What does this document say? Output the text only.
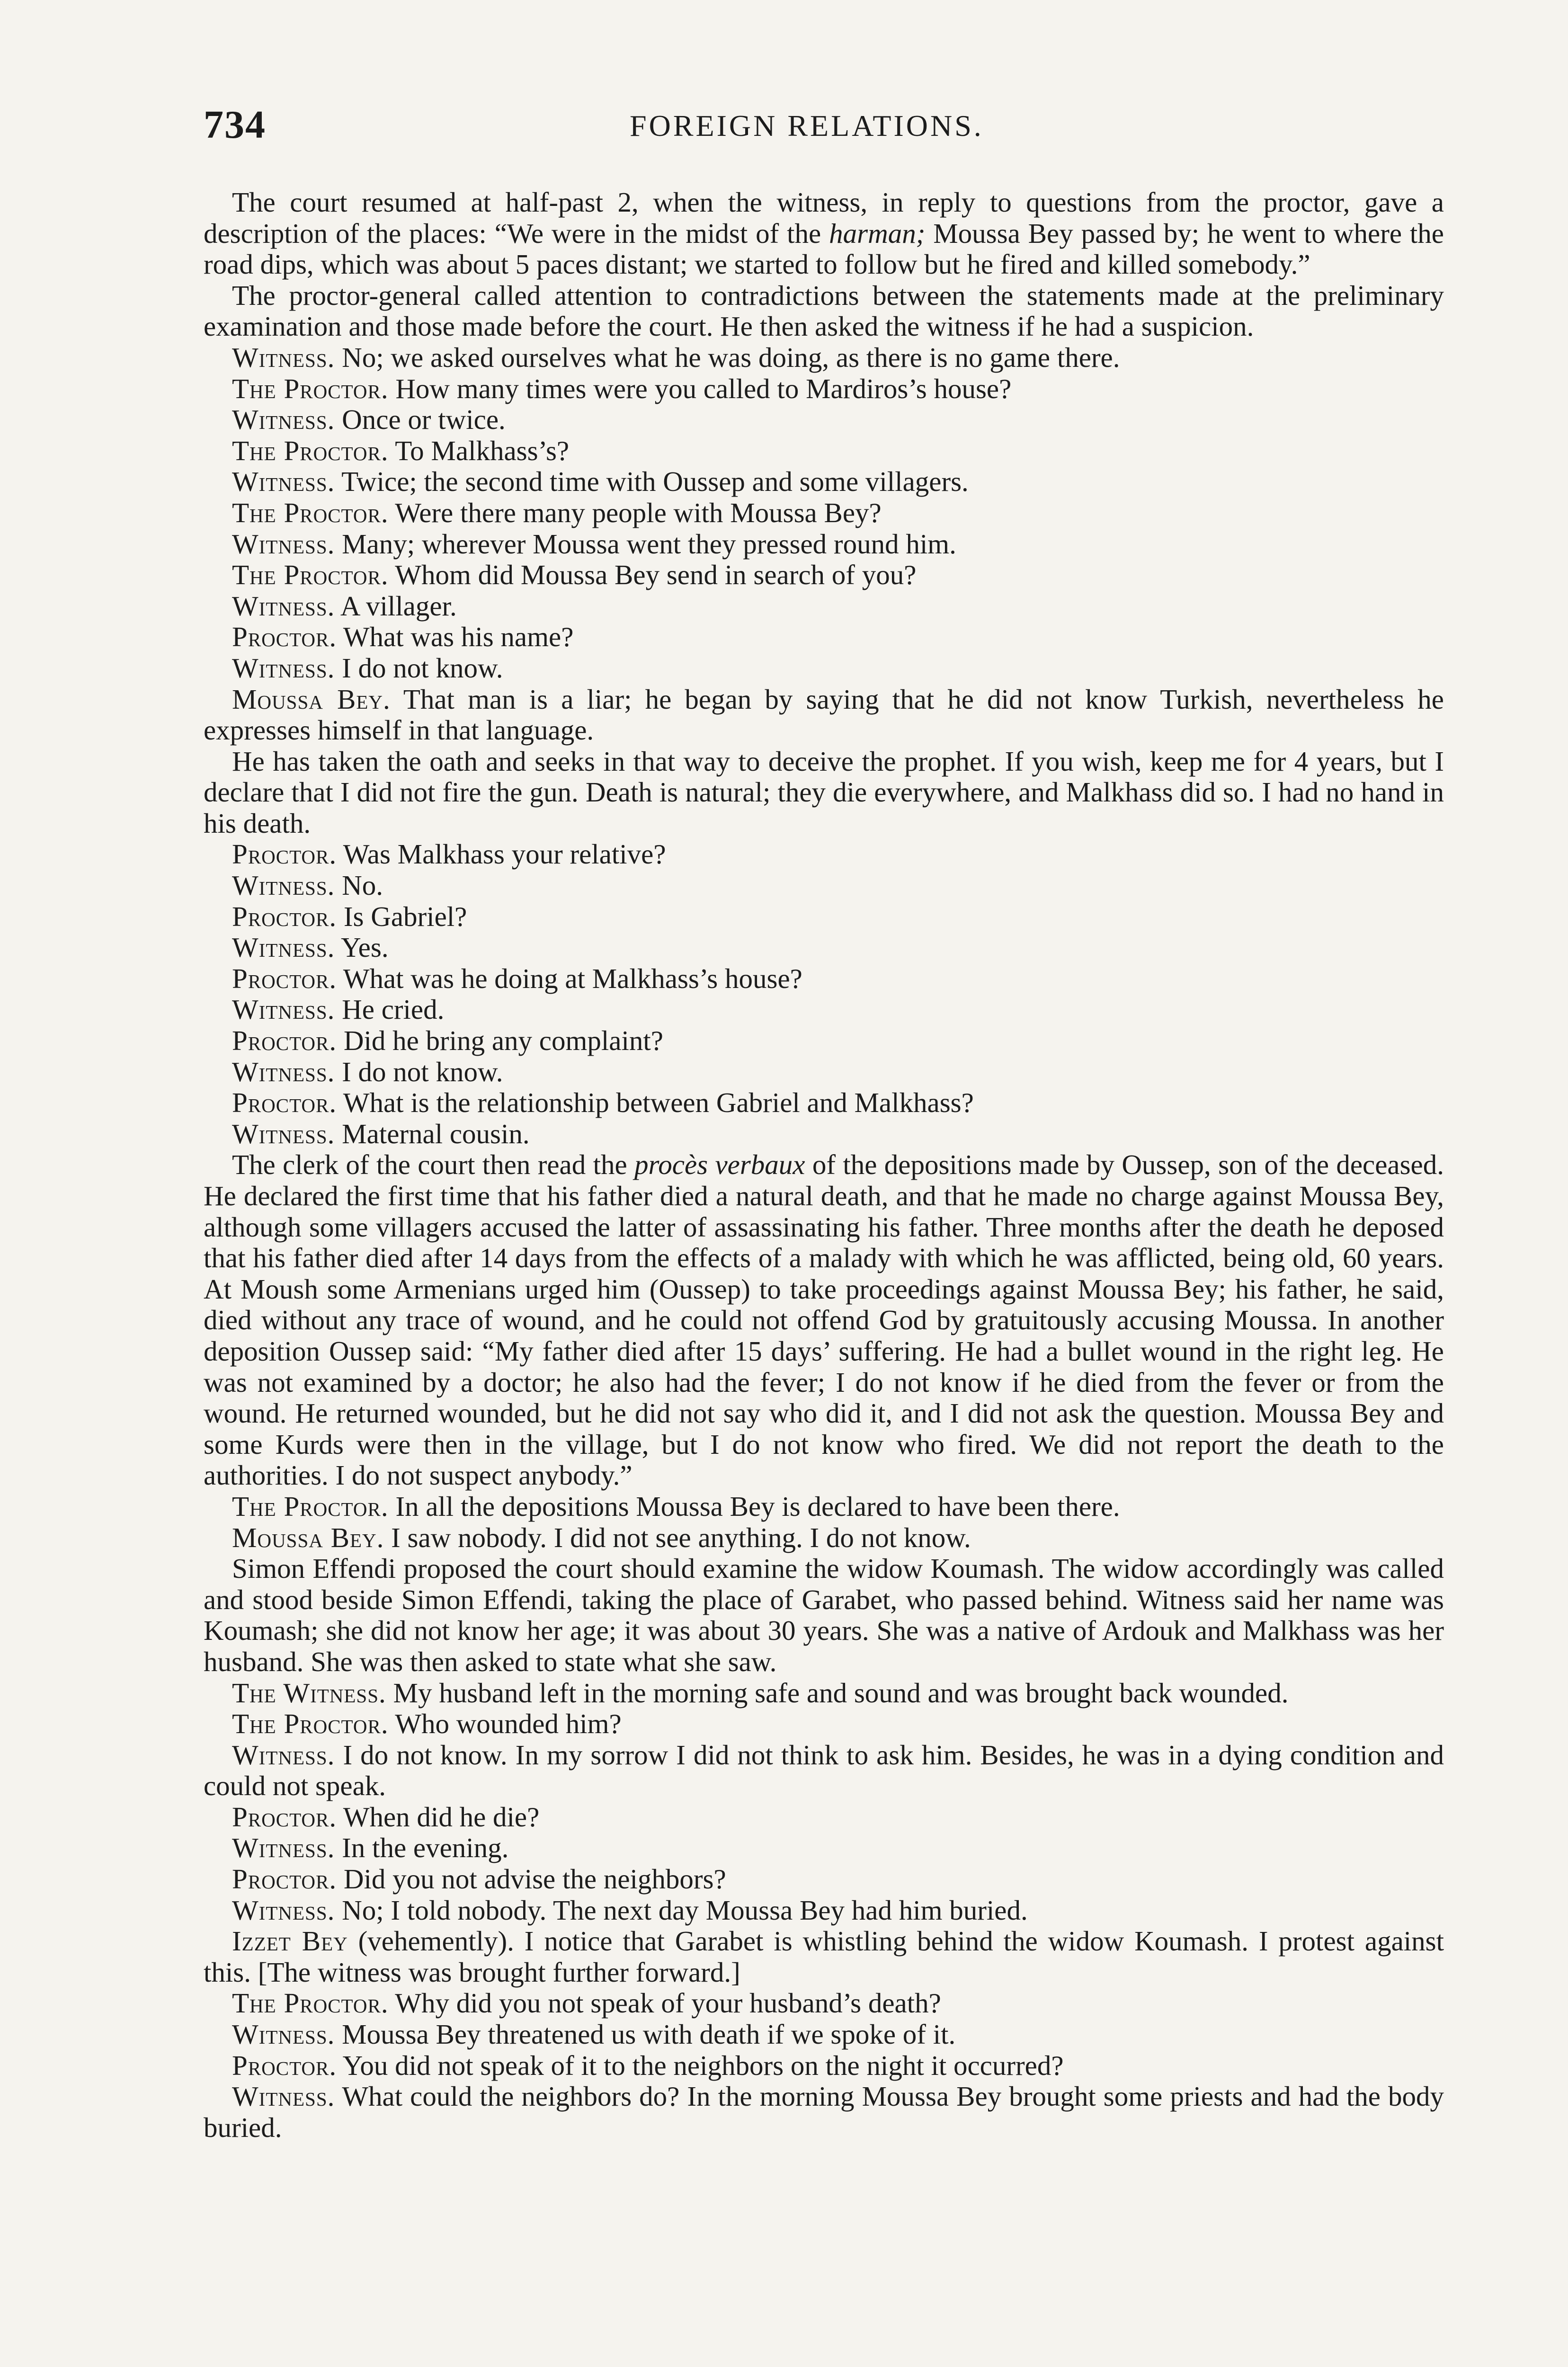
734	FOREIGN RELATIONS.

The court resumed at half-past 2, when the witness, in reply to questions from the proctor, gave a description of the places: “We were in the midst of the harman; Moussa Bey passed by; he went to where the road dips, which was about 5 paces distant; we started to follow but he fired and killed somebody.”

The proctor-general called attention to contradictions between the statements made at the preliminary examination and those made before the court. He then asked the witness if he had a suspicion.

Witness. No; we asked ourselves what he was doing, as there is no game there.

The Proctor. How many times were you called to Mardiros’s house?

Witness. Once or twice.

The Proctor. To Malkhass’s?

Witness. Twice; the second time with Oussep and some villagers.

The Proctor. Were there many people with Moussa Bey?

Witness. Many; wherever Moussa went they pressed round him.

The Proctor. Whom did Moussa Bey send in search of you?

Witness. A villager.

Proctor. What was his name?

Witness. I do not know.

Moussa Bey. That man is a liar; he began by saying that he did not know Turkish, nevertheless he expresses himself in that language.

He has taken the oath and seeks in that way to deceive the prophet. If you wish, keep me for 4 years, but I declare that I did not fire the gun. Death is natural; they die everywhere, and Malkhass did so. I had no hand in his death.

Proctor. Was Malkhass your relative?

Witness. No.

Proctor. Is Gabriel?

Witness. Yes.

Proctor. What was he doing at Malkhass’s house?

Witness. He cried.

Proctor. Did he bring any complaint?

Witness. I do not know.

Proctor. What is the relationship between Gabriel and Malkhass?

Witness. Maternal cousin.

The clerk of the court then read the procès verbaux of the depositions made by Oussep, son of the deceased. He declared the first time that his father died a natural death, and that he made no charge against Moussa Bey, although some villagers accused the latter of assassinating his father. Three months after the death he deposed that his father died after 14 days from the effects of a malady with which he was afflicted, being old, 60 years. At Moush some Armenians urged him (Oussep) to take proceedings against Moussa Bey; his father, he said, died without any trace of wound, and he could not offend God by gratuitously accusing Moussa. In another deposition Oussep said: “My father died after 15 days’ suffering. He had a bullet wound in the right leg. He was not examined by a doctor; he also had the fever; I do not know if he died from the fever or from the wound. He returned wounded, but he did not say who did it, and I did not ask the question. Moussa Bey and some Kurds were then in the village, but I do not know who fired. We did not report the death to the authorities. I do not suspect anybody.”

The Proctor. In all the depositions Moussa Bey is declared to have been there.

Moussa Bey. I saw nobody. I did not see anything. I do not know.

Simon Effendi proposed the court should examine the widow Koumash. The widow accordingly was called and stood beside Simon Effendi, taking the place of Garabet, who passed behind. Witness said her name was Koumash; she did not know her age; it was about 30 years. She was a native of Ardouk and Malkhass was her husband. She was then asked to state what she saw.

The Witness. My husband left in the morning safe and sound and was brought back wounded.

The Proctor. Who wounded him?

Witness. I do not know. In my sorrow I did not think to ask him. Besides, he was in a dying condition and could not speak.

Proctor. When did he die?

Witness. In the evening.

Proctor. Did you not advise the neighbors?

Witness. No; I told nobody. The next day Moussa Bey had him buried.

Izzet Bey (vehemently). I notice that Garabet is whistling behind the widow Koumash. I protest against this. [The witness was brought further forward.]

The Proctor. Why did you not speak of your husband’s death?

Witness. Moussa Bey threatened us with death if we spoke of it.

Proctor. You did not speak of it to the neighbors on the night it occurred?

Witness. What could the neighbors do? In the morning Moussa Bey brought some priests and had the body buried.
